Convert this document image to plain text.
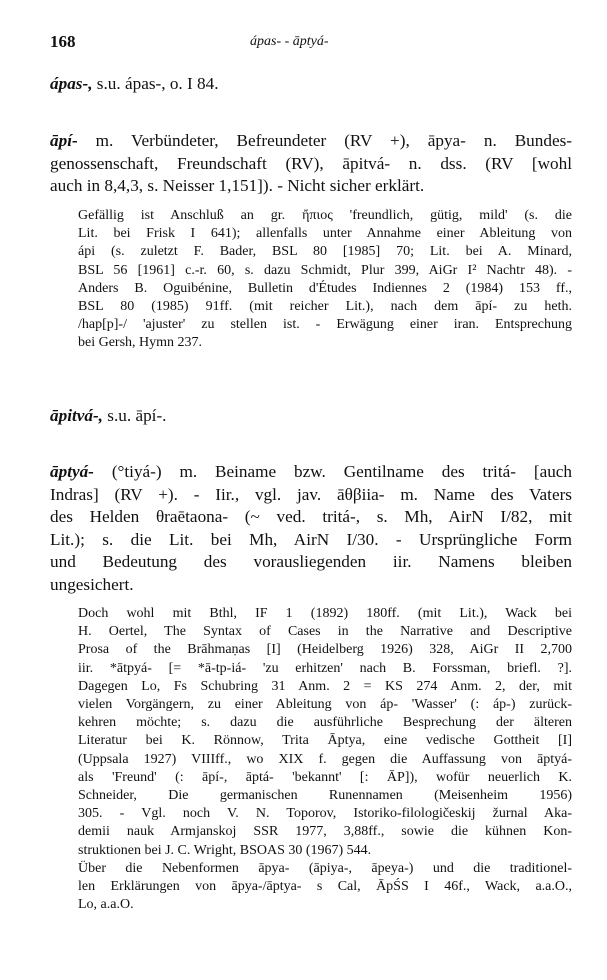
168	ápas- - āptyá-
ápas-, s.u. ápas-, o. I 84.
āpí- m. Verbündeter, Befreundeter (RV +), āpya- n. Bundes-
genossenschaft, Freundschaft (RV), āpitvá- n. dss. (RV [wohl
auch in 8,4,3, s. Neisser 1,151]). - Nicht sicher erklärt.
Gefällig ist Anschluß an gr. ἤπιος 'freundlich, gütig, mild' (s. die
Lit. bei Frisk I 641); allenfalls unter Annahme einer Ableitung von
ápi (s. zuletzt F. Bader, BSL 80 [1985] 70; Lit. bei A. Minard,
BSL 56 [1961] c.-r. 60, s. dazu Schmidt, Plur 399, AiGr I² Nachtr 48). -
Anders B. Oguibénine, Bulletin d'Études Indiennes 2 (1984) 153 ff.,
BSL 80 (1985) 91ff. (mit reicher Lit.), nach dem āpí- zu heth.
/hap[p]-/ 'ajuster' zu stellen ist. - Erwägung einer iran. Entsprechung
bei Gersh, Hymn 237.
āpitvá-, s.u. āpí-.
āptyá- (°tiyá-) m. Beiname bzw. Gentilname des tritá- [auch
Indras] (RV +). - Iir., vgl. jav. āθβiia- m. Name des Vaters
des Helden θraētaona- (~ ved. tritá-, s. Mh, AirN I/82, mit
Lit.); s. die Lit. bei Mh, AirN I/30. - Ursprüngliche Form
und Bedeutung des vorausliegenden iir. Namens bleiben
ungesichert.
Doch wohl mit Bthl, IF 1 (1892) 180ff. (mit Lit.), Wack bei
H. Oertel, The Syntax of Cases in the Narrative and Descriptive
Prosa of the Brāhmaṇas [I] (Heidelberg 1926) 328, AiGr II 2,700
iir. *ātpyá- [= *ā-tp-iá- 'zu erhitzen' nach B. Forssman, briefl. ?].
Dagegen Lo, Fs Schubring 31 Anm. 2 = KS 274 Anm. 2, der, mit
vielen Vorgängern, zu einer Ableitung von áp- 'Wasser' (: áp-) zurück-
kehren möchte; s. dazu die ausführliche Besprechung der älteren
Literatur bei K. Rönnow, Trita Āptya, eine vedische Gottheit [I]
(Uppsala 1927) VIIIff., wo XIX f. gegen die Auffassung von āptyá-
als 'Freund' (: āpí-, āptá- 'bekannt' [: ĀP]), wofür neuerlich K.
Schneider, Die germanischen Runennamen (Meisenheim 1956)
305. - Vgl. noch V. N. Toporov, Istoriko-filologičeskij žurnal Aka-
demii nauk Armjanskoj SSR 1977, 3,88ff., sowie die kühnen Kon-
struktionen bei J. C. Wright, BSOAS 30 (1967) 544.
Über die Nebenformen āpya- (āpiya-, āpeya-) und die traditionel-
len Erklärungen von āpya-/āptya- s Cal, ĀpŚS I 46f., Wack, a.a.O.,
Lo, a.a.O.
